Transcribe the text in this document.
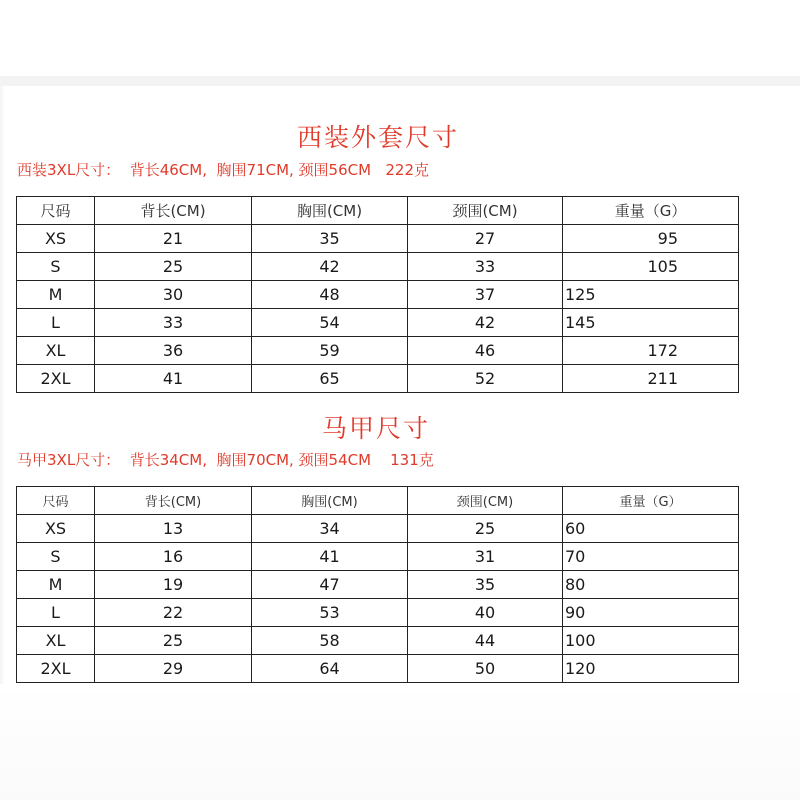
西装外套尺寸
西装3XL尺寸：  背长46CM,  胸围71CM, 颈围56CM   222克
尺码	背长(CM)	胸围(CM)	颈围(CM)	重量（G）
XS	21	35	27	95
S	25	42	33	105
M	30	48	37	125
L	33	54	42	145
XL	36	59	46	172
2XL	41	65	52	211
马甲尺寸
马甲3XL尺寸：  背长34CM,  胸围70CM, 颈围54CM    131克
尺码	背长(CM)	胸围(CM)	颈围(CM)	重量（G）
XS	13	34	25	60
S	16	41	31	70
M	19	47	35	80
L	22	53	40	90
XL	25	58	44	100
2XL	29	64	50	120
